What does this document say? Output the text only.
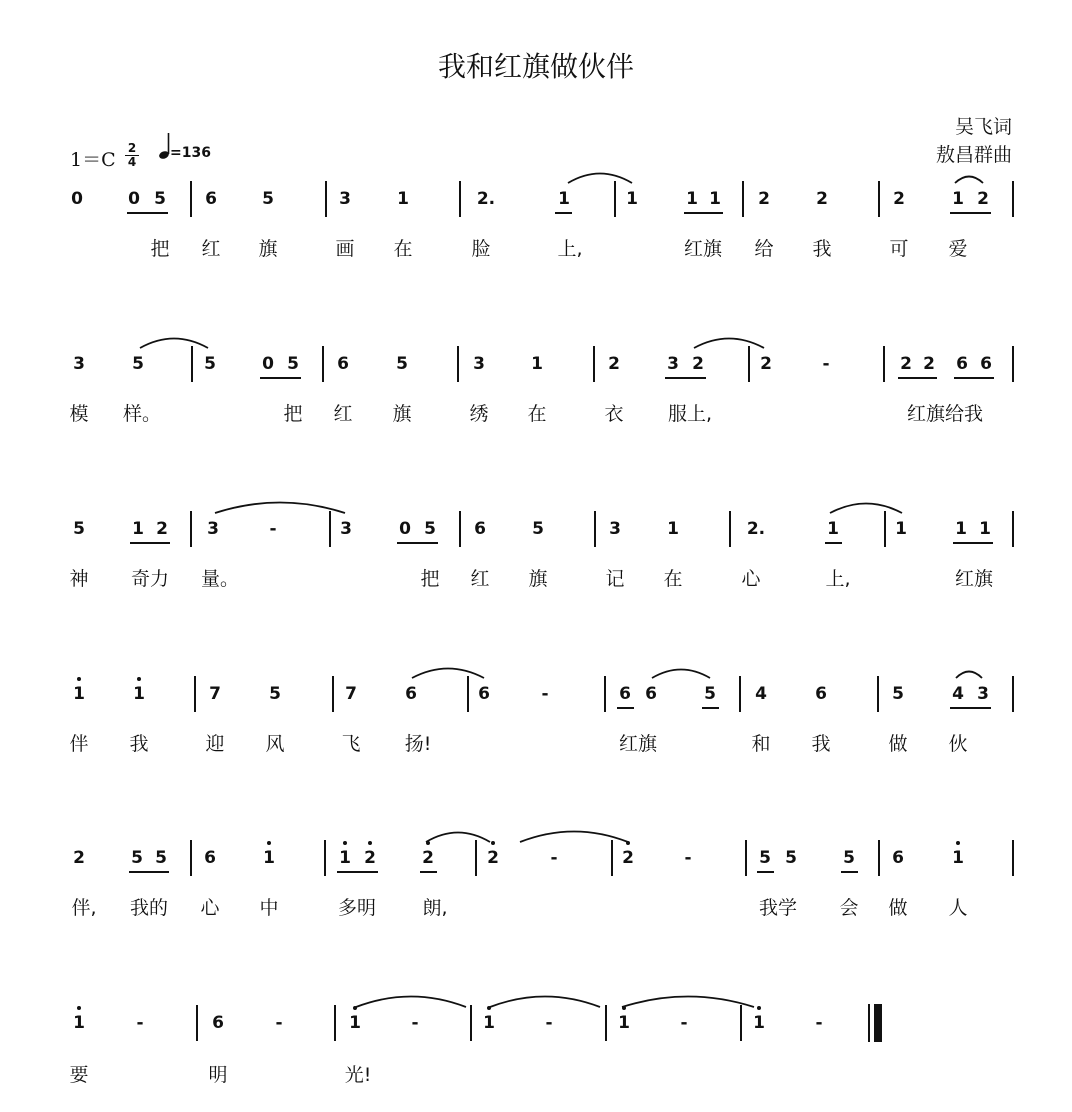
我和红旗做伙伴
吴飞词
敖昌群曲
1＝C
2
4
=136
0	0 5 6	5	3	1	2.	1	1	1 1 2	2	2	1 2
把 红 旗	画 在	脸	上,	红旗 给 我	可 爱
3	5	5	0 5 6	5	3	1	2	3 2	2	-	2 2 6 6
模 样。	把 红 旗	绣 在	衣 服上,	红旗给我
5	1 2 3	-	3	0 5 6	5	3	1	2.	1	1	1 1
神 奇力 量。	把 红 旗	记 在	心	上,	红旗
1	1	7	5	7	6	6	-	6 6	5 4	6	5	4 3
伴 我	迎 风	飞 扬!	红旗	和 我	做 伙
2	5 5 6	1	1 2	2	2	-	2	-	5 5	5 6	1
伴, 我的 心 中	多明 朗,	我学 会 做 人
1	-	6	-	1	-	1	-	1	-	1	-
要	明	光!
